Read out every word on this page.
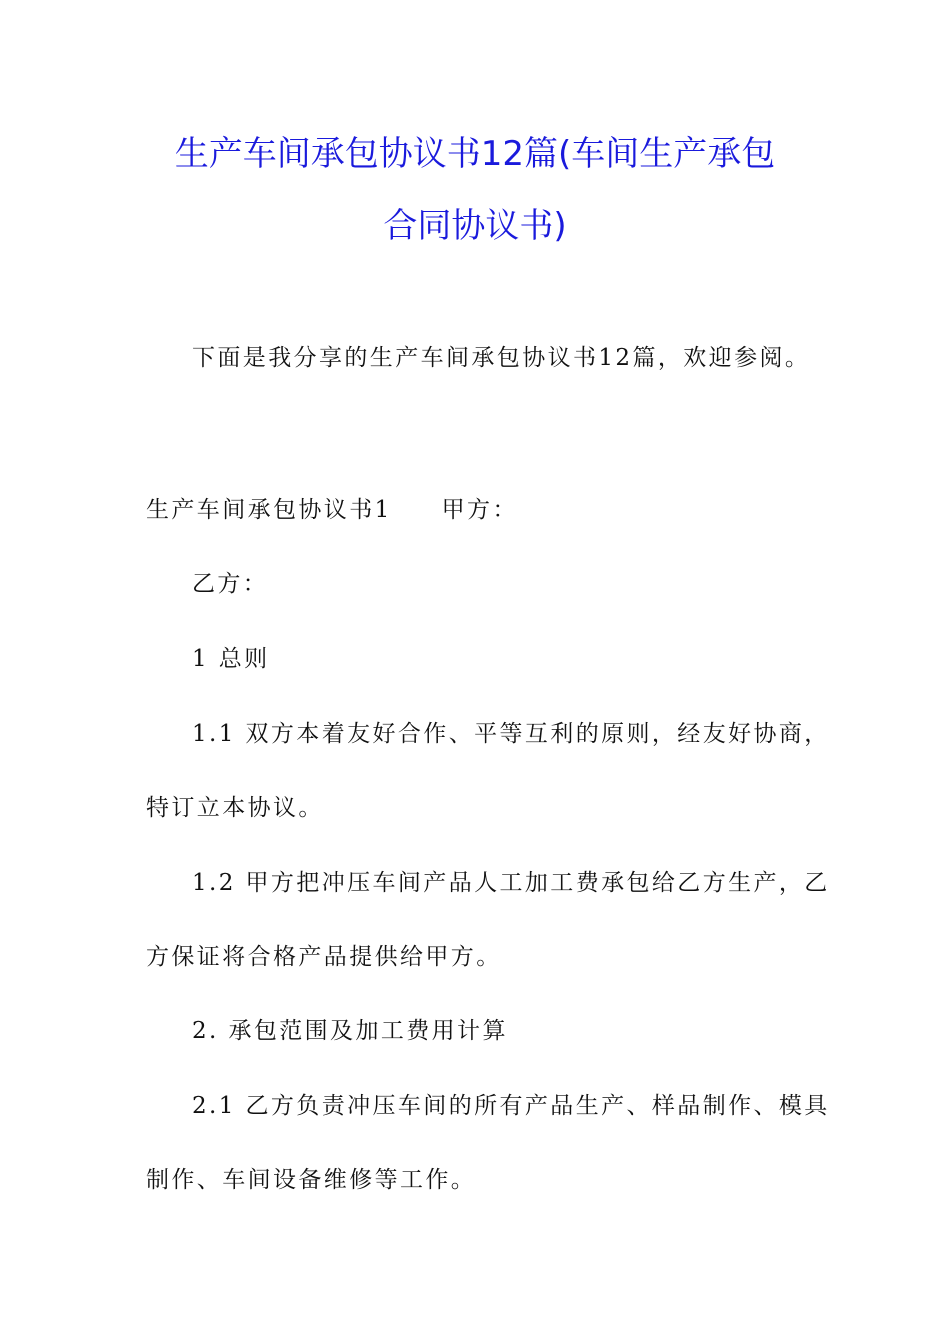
生产车间承包协议书12篇(车间生产承包
合同协议书)

下面是我分享的生产车间承包协议书12篇，欢迎参阅。

生产车间承包协议书1 甲方：

乙方：

1 总则

1.1 双方本着友好合作、平等互利的原则，经友好协商，

特订立本协议。

1.2 甲方把冲压车间产品人工加工费承包给乙方生产，乙

方保证将合格产品提供给甲方。

2. 承包范围及加工费用计算

2.1 乙方负责冲压车间的所有产品生产、样品制作、模具

制作、车间设备维修等工作。
